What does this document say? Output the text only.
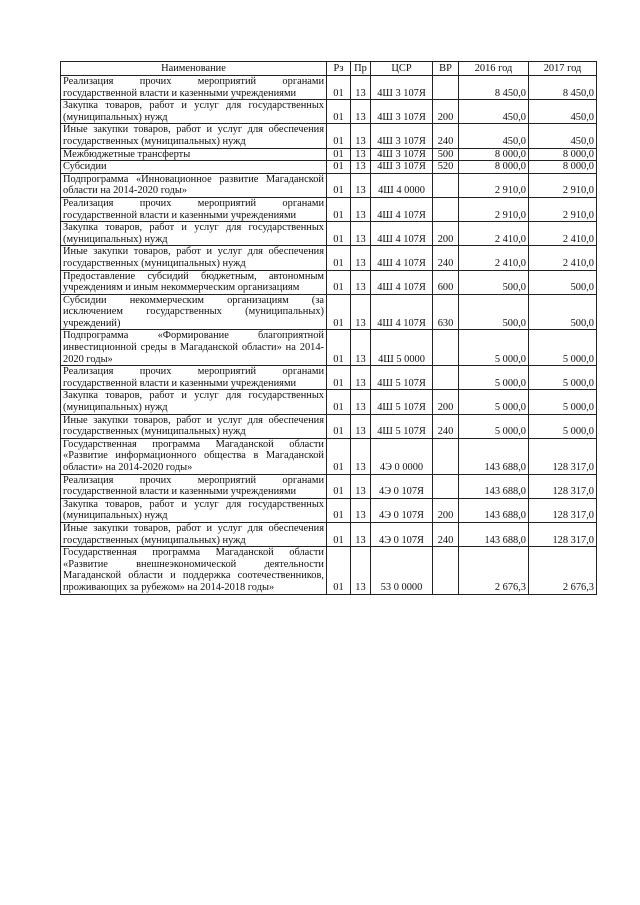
Наименование	Рз	Пр	ЦСР	ВР	2016 год	2017 год
Реализация прочих мероприятий органами государственной власти и казенными учреждениями	01	13	4Ш 3 107Я		8 450,0	8 450,0
Закупка товаров, работ и услуг для государственных (муниципальных) нужд	01	13	4Ш 3 107Я	200	450,0	450,0
Иные закупки товаров, работ и услуг для обеспечения государственных (муниципальных) нужд	01	13	4Ш 3 107Я	240	450,0	450,0
Межбюджетные трансферты	01	13	4Ш 3 107Я	500	8 000,0	8 000,0
Субсидии	01	13	4Ш 3 107Я	520	8 000,0	8 000,0
Подпрограмма «Инновационное развитие Магаданской области на 2014-2020 годы»	01	13	4Ш 4 0000		2 910,0	2 910,0
Реализация прочих мероприятий органами государственной власти и казенными учреждениями	01	13	4Ш 4 107Я		2 910,0	2 910,0
Закупка товаров, работ и услуг для государственных (муниципальных) нужд	01	13	4Ш 4 107Я	200	2 410,0	2 410,0
Иные закупки товаров, работ и услуг для обеспечения государственных (муниципальных) нужд	01	13	4Ш 4 107Я	240	2 410,0	2 410,0
Предоставление субсидий бюджетным, автономным учреждениям и иным некоммерческим организациям	01	13	4Ш 4 107Я	600	500,0	500,0
Субсидии некоммерческим организациям (за исключением государственных (муниципальных) учреждений)	01	13	4Ш 4 107Я	630	500,0	500,0
Подпрограмма «Формирование благоприятной инвестиционной среды в Магаданской области» на 2014-2020 годы»	01	13	4Ш 5 0000		5 000,0	5 000,0
Реализация прочих мероприятий органами государственной власти и казенными учреждениями	01	13	4Ш 5 107Я		5 000,0	5 000,0
Закупка товаров, работ и услуг для государственных (муниципальных) нужд	01	13	4Ш 5 107Я	200	5 000,0	5 000,0
Иные закупки товаров, работ и услуг для обеспечения государственных (муниципальных) нужд	01	13	4Ш 5 107Я	240	5 000,0	5 000,0
Государственная программа Магаданской области «Развитие информационного общества в Магаданской области» на 2014-2020 годы»	01	13	4Э 0 0000		143 688,0	128 317,0
Реализация прочих мероприятий органами государственной власти и казенными учреждениями	01	13	4Э 0 107Я		143 688,0	128 317,0
Закупка товаров, работ и услуг для государственных (муниципальных) нужд	01	13	4Э 0 107Я	200	143 688,0	128 317,0
Иные закупки товаров, работ и услуг для обеспечения государственных (муниципальных) нужд	01	13	4Э 0 107Я	240	143 688,0	128 317,0
Государственная программа Магаданской области «Развитие внешнеэкономической деятельности Магаданской области и поддержка соотечественников, проживающих за рубежом» на 2014-2018 годы»	01	13	53 0 0000		2 676,3	2 676,3
